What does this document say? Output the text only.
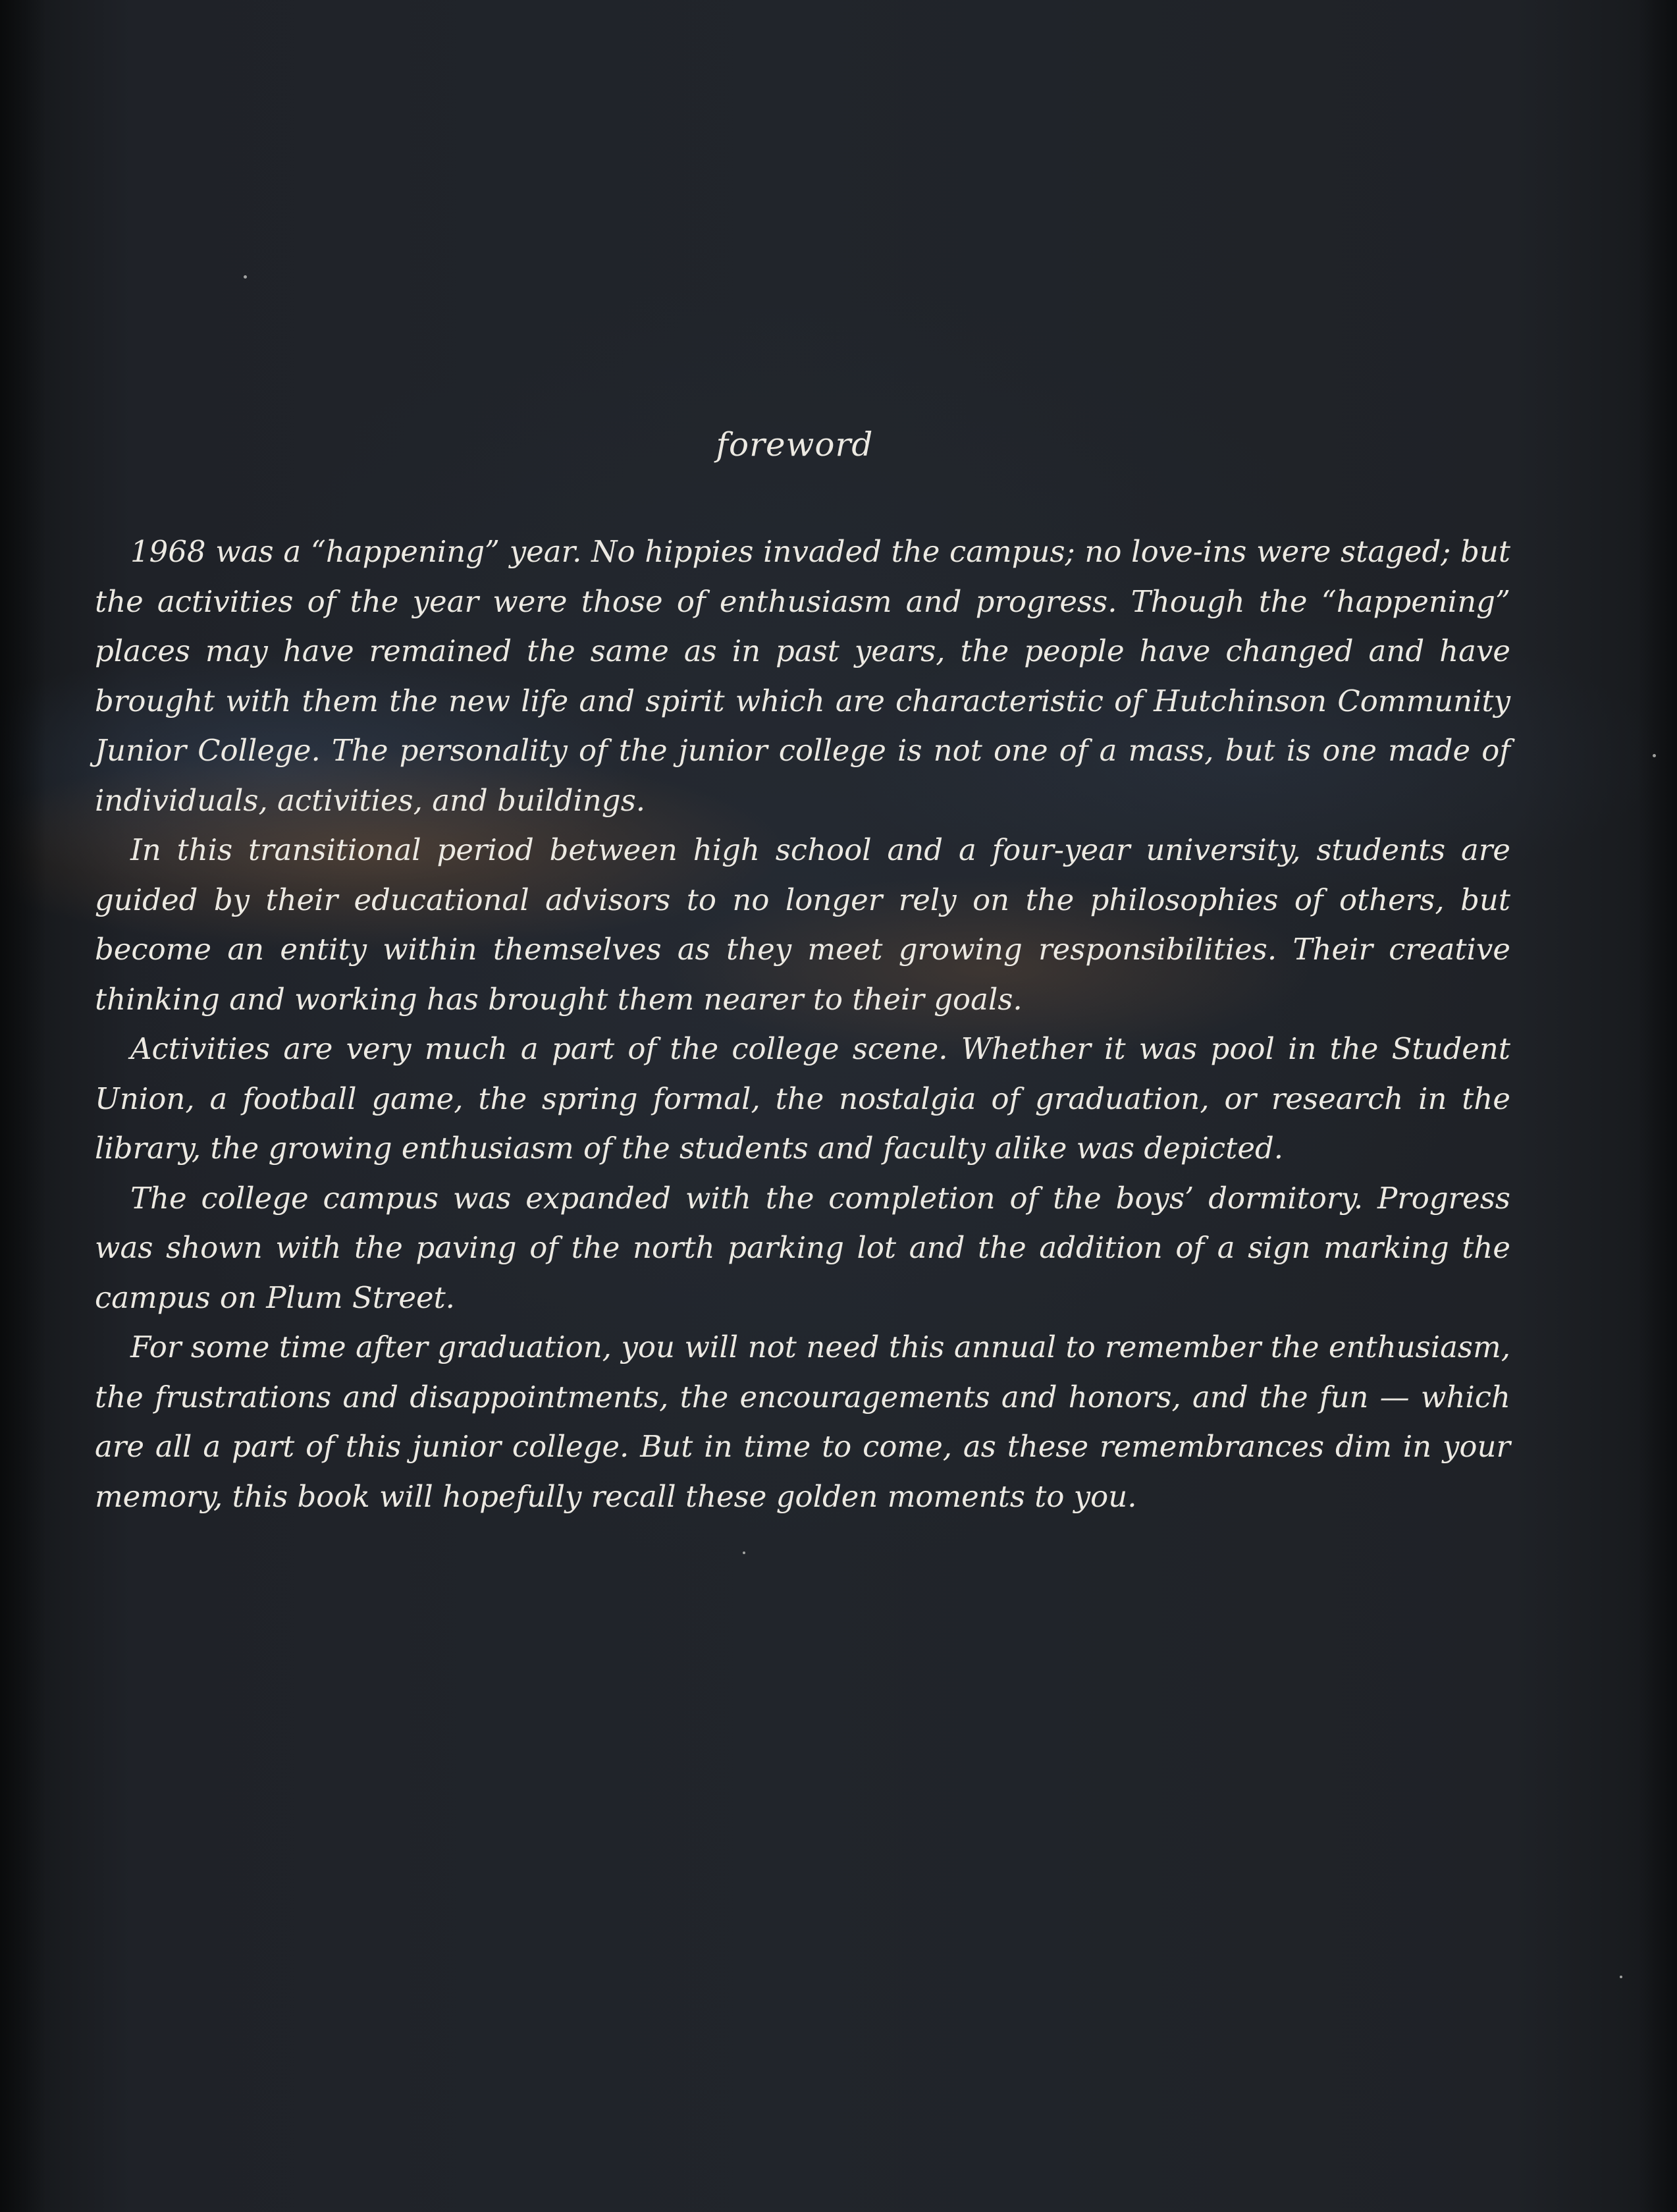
foreword

1968 was a “happening” year. No hippies invaded the campus; no love-ins were staged; but the activities of the year were those of enthusiasm and progress. Though the “happening” places may have remained the same as in past years, the people have changed and have brought with them the new life and spirit which are characteristic of Hutchinson Community Junior College. The personality of the junior college is not one of a mass, but is one made of individuals, activities, and buildings.

In this transitional period between high school and a four-year university, students are guided by their educational advisors to no longer rely on the philosophies of others, but become an entity within themselves as they meet growing responsibilities. Their creative thinking and working has brought them nearer to their goals.

Activities are very much a part of the college scene. Whether it was pool in the Student Union, a football game, the spring formal, the nostalgia of graduation, or research in the library, the growing enthusiasm of the students and faculty alike was depicted.

The college campus was expanded with the completion of the boys’ dormitory. Progress was shown with the paving of the north parking lot and the addition of a sign marking the campus on Plum Street.

For some time after graduation, you will not need this annual to remember the enthusiasm, the frustrations and disappointments, the encouragements and honors, and the fun — which are all a part of this junior college. But in time to come, as these remembrances dim in your memory, this book will hopefully recall these golden moments to you.
